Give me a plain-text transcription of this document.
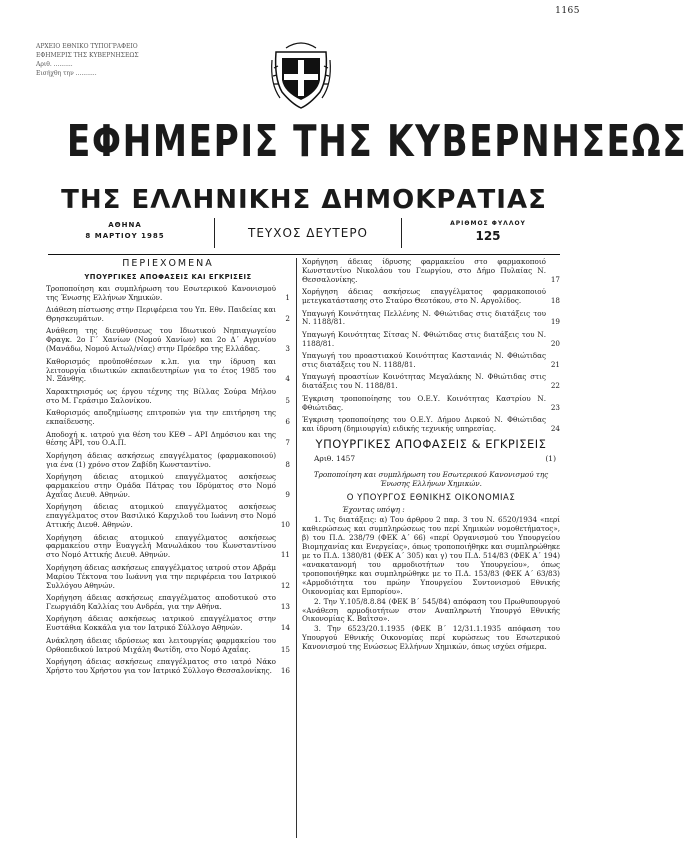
1165
ΑΡΧΕΙΟ ΕΘΝΙΚΟ ΤΥΠΟΓΡΑΦΕΙΟ
ΕΦΗΜΕΡΙΣ ΤΗΣ ΚΥΒΕΡΝΗΣΕΩΣ
Αριθ. ..........
Εισήχθη την ...........
ΕΦΗΜΕΡΙΣ ΤΗΣ ΚΥΒΕΡΝΗΣΕΩΣ
ΤΗΣ ΕΛΛΗΝΙΚΗΣ ΔΗΜΟΚΡΑΤΙΑΣ
ΑΘΗΝΑ
8 ΜΑΡΤΙΟΥ 1985	ΤΕΥΧΟΣ ΔΕΥΤΕΡΟ
ΑΡΙΘΜΟΣ ΦΥΛΛΟΥ
125
ΠΕΡΙΕΧΟΜΕΝΑ
ΥΠΟΥΡΓΙΚΕΣ ΑΠΟΦΑΣΕΙΣ ΚΑΙ ΕΓΚΡΙΣΕΙΣ
Τροποποίηση και συμπλήρωση του Εσωτερικού Κανονισμού της Ένωσης Ελλήνων Χημικών.	1
Διάθεση πίστωσης στην Περιφέρεια του Υπ. Εθν. Παιδείας και Θρησκευμάτων.	2
Ανάθεση της διευθύνσεως του Ιδιωτικού Νηπιαγωγείου Φραγκ. 2ο Γ΄ Χανίων (Νομού Χανίων) και 2ο Δ΄ Αγρινίου (Μανάδω, Νομού Αιτωλ/νίας) στην Πρόεδρο της Ελλάδας.	3
Καθορισμός προϋποθέσεων κ.λπ. για την ίδρυση και λειτουργία ιδιωτικών εκπαιδευτηρίων για το έτος 1985 του Ν. Ξάνθης.	4
Χαρακτηρισμός ως έργου τέχνης της Βίλλας Σούρα Μήλου στο Μ. Γεράσιμο Σαλονίκου.	5
Καθορισμός αποζημίωσης επιτροπών για την επιτήρηση της εκπαίδευσης.	6
Αποδοχή κ. ιατρού για θέση του ΚΕΘ – ΑΡΙ Δημόσιου και της θέσης ΑΡΙ, του Ο.Α.Π.	7
Χορήγηση άδειας ασκήσεως επαγγέλματος (φαρμακοποιού) για ένα (1) χρόνο στον Ζαβίδη Κωνσταντίνο.	8
Χορήγηση άδειας ατομικού επαγγέλματος ασκήσεως φαρμακείου στην Ομάδα Πάτρας του Ιδρύματος στο Νομό Αχαΐας Διευθ. Αθηνών.	9
Χορήγηση άδειας ατομικού επαγγέλματος ασκήσεως επαγγέλματος στον Βασιλικό Καρχιλοδ του Ιωάννη στο Νομό Αττικής Διευθ. Αθηνών.	10
Χορήγηση άδειας ατομικού επαγγέλματος ασκήσεως φαρμακείου στην Ευαγγελή Μανωλάκου του Κωνσταντίνου στο Νομό Αττικής Διευθ. Αθηνών.	11
Χορήγηση άδειας ασκήσεως επαγγέλματος ιατρού στον Αβράμ Μαρίου Τέκτονα του Ιωάννη για την περιφέρεια του Ιατρικού Συλλόγου Αθηνών.	12
Χορήγηση άδειας ασκήσεως επαγγέλματος αποδοτικού στο Γεωργιάδη Καλλίας του Ανδρέα, για την Αθήνα.	13
Χορήγηση άδειας ασκήσεως ιατρικού επαγγέλματος στην Ευστάθια Κοκκάλα για τον Ιατρικό Σύλλογο Αθηνών.	14
Ανάκληση άδειας ιδρύσεως και λειτουργίας φαρμακείου του Ορθοπεδικού Ιατρού Μιχάλη Φωτίδη, στο Νομό Αχαΐας.	15
Χορήγηση άδειας ασκήσεως επαγγέλματος στο ιατρό Νάκο Χρήστο του Χρήστου για τον Ιατρικό Σύλλογο Θεσσαλονίκης. 16
Χορήγηση άδειας ίδρυσης φαρμακείου στο φαρμακοποιό Κωνσταντίνο Νικολάου του Γεωργίου, στο Δήμο Πυλαίας Ν. Θεσσαλονίκης.	17
Χορήγηση άδειας ασκήσεως επαγγέλματος φαρμακοποιού μετεγκατάστασης στο Σταύρο Θεοτόκου, στο Ν. Αργολίδος.	18
Υπαγωγή Κοινότητας Πελλένης Ν. Φθιώτιδας στις διατάξεις του Ν. 1188/81.	19
Υπαγωγή Κοινότητας Σίτσας Ν. Φθιώτιδας στις διατάξεις του Ν. 1188/81.	20
Υπαγωγή του προαστιακού Κοινότητας Καστανιάς Ν. Φθιώτιδας στις διατάξεις του Ν. 1188/81.	21
Υπαγωγή προαστίων Κοινότητας Μεγαλάκης Ν. Φθιώτιδας στις διατάξεις του Ν. 1188/81.	22
Έγκριση τροποποίησης του Ο.Ε.Υ. Κοινότητας Καστρίου Ν. Φθιώτιδας.	23
Έγκριση τροποποίησης του Ο.Ε.Υ. Δήμου Διρκού Ν. Φθιώτιδας και ίδρυση (δημιουργία) ειδικής τεχνικής υπηρεσίας.	24
ΥΠΟΥΡΓΙΚΕΣ ΑΠΟΦΑΣΕΙΣ & ΕΓΚΡΙΣΕΙΣ
Αριθ. 1457	(1)
Τροποποίηση και συμπλήρωση του Εσωτερικού Κανονισμού της Ένωσης Ελλήνων Χημικών.
Ο ΥΠΟΥΡΓΟΣ ΕΘΝΙΚΗΣ ΟΙΚΟΝΟΜΙΑΣ
Έχοντας υπόψη :
1. Τις διατάξεις: α) Του άρθρου 2 παρ. 3 του Ν. 6520/1934 «περί καθιερώσεως και συμπληρώσεως του περί Χημικών νομοθετήματος», β) του Π.Δ. 238/79 (ΦΕΚ Α΄ 66) «περί Οργανισμού του Υπουργείου Βιομηχανίας και Ενεργείας», όπως τροποποιήθηκε και συμπληρώθηκε με το Π.Δ. 1380/81 (ΦΕΚ Α΄ 305) και γ) του Π.Δ. 514/83 (ΦΕΚ Α΄ 194) «ανακατανομή του αρμοδιοτήτων του Υπουργείου», όπως τροποποιήθηκε και συμπληρώθηκε με το Π.Δ. 153/83 (ΦΕΚ Α΄ 63/83) «Αρμοδιότητα του πρώην Υπουργείου Συντονισμού Εθνικής Οικονομίας και Εμπορίου».
2. Την Υ.105/8.8.84 (ΦΕΚ Β΄ 545/84) απόφαση του Πρωθυπουργού «Ανάθεση αρμοδιοτήτων στον Αναπληρωτή Υπουργό Εθνικής Οικονομίας Κ. Βαΐτσο».
3. Την 6523/20.1.1935 (ΦΕΚ Β΄ 12/31.1.1935 απόφαση του Υπουργού Εθνικής Οικονομίας περί κυρώσεως του Εσωτερικού Κανονισμού της Ενώσεως Ελλήνων Χημικών, όπως ισχύει σήμερα.
